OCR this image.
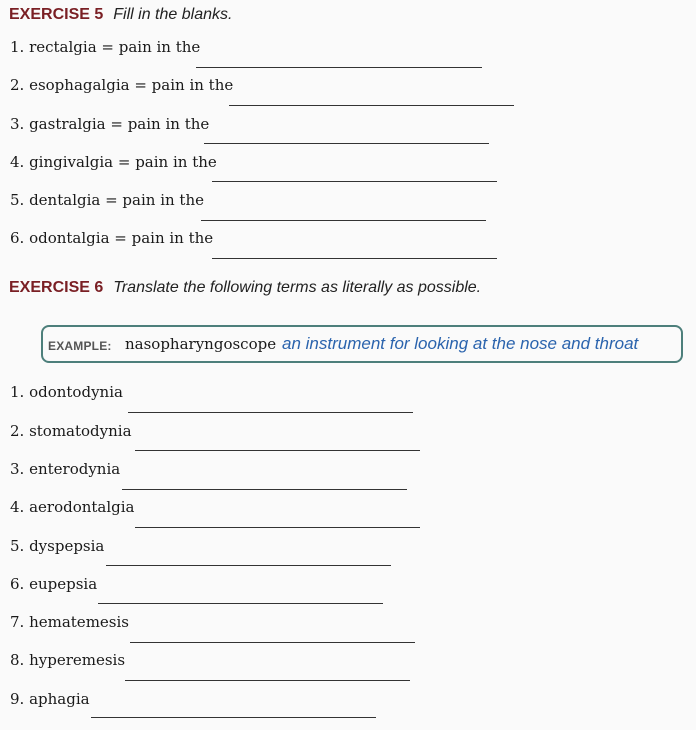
EXERCISE 5 Fill in the blanks.
1. rectalgia = pain in the
2. esophagalgia = pain in the
3. gastralgia = pain in the
4. gingivalgia = pain in the
5. dentalgia = pain in the
6. odontalgia = pain in the
EXERCISE 6 Translate the following terms as literally as possible.
EXAMPLE: nasopharyngoscope an instrument for looking at the nose and throat
1. odontodynia
2. stomatodynia
3. enterodynia
4. aerodontalgia
5. dyspepsia
6. eupepsia
7. hematemesis
8. hyperemesis
9. aphagia
